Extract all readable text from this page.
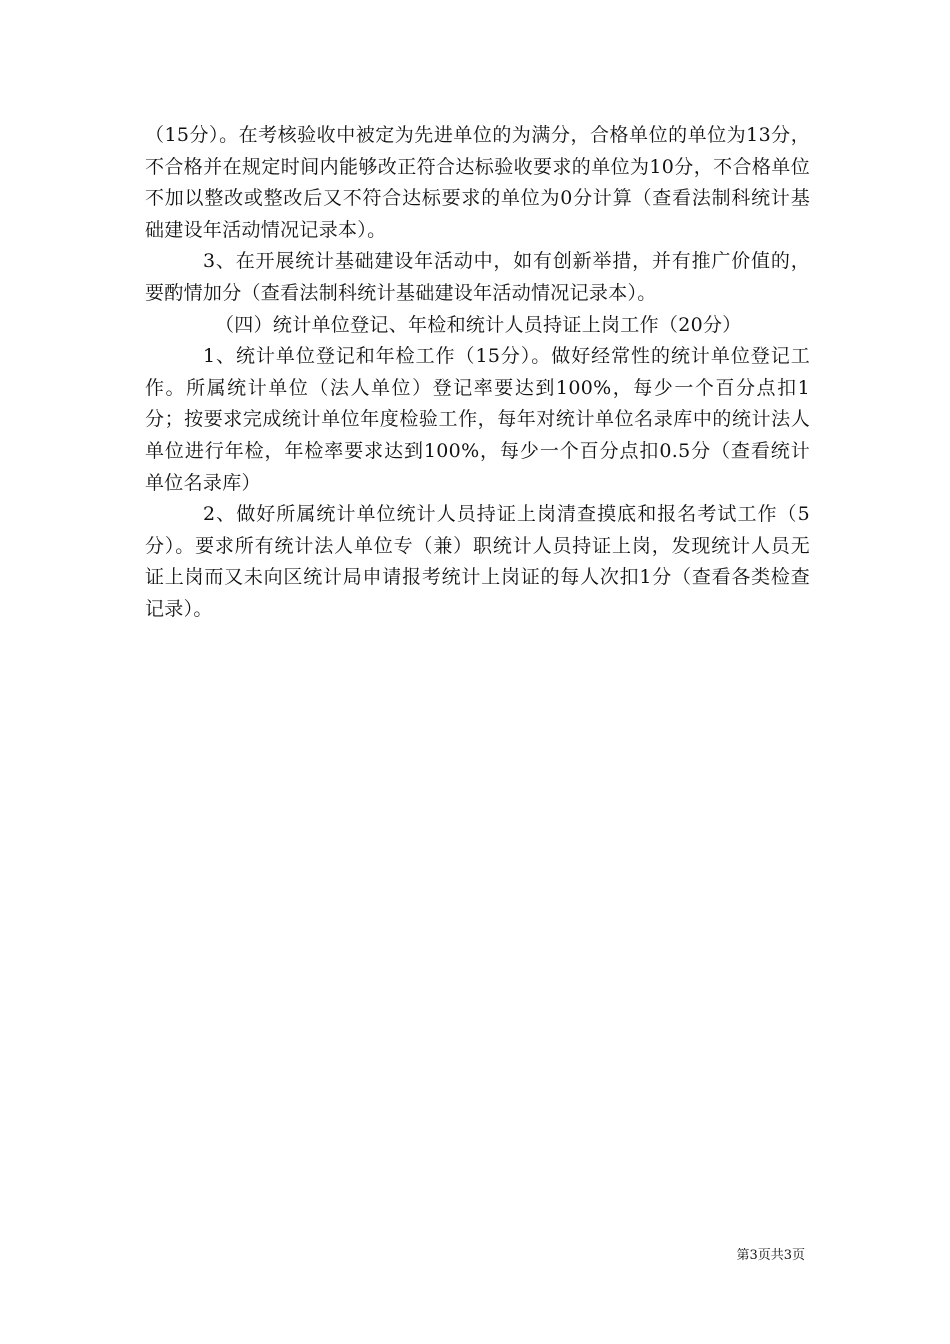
（15分）。在考核验收中被定为先进单位的为满分，合格单位的单位为13分，不合格并在规定时间内能够改正符合达标验收要求的单位为10分，不合格单位不加以整改或整改后又不符合达标要求的单位为0分计算（查看法制科统计基础建设年活动情况记录本）。

3、在开展统计基础建设年活动中，如有创新举措，并有推广价值的，要酌情加分（查看法制科统计基础建设年活动情况记录本）。

（四）统计单位登记、年检和统计人员持证上岗工作（20分）

1、统计单位登记和年检工作（15分）。做好经常性的统计单位登记工作。所属统计单位（法人单位）登记率要达到100%，每少一个百分点扣1分；按要求完成统计单位年度检验工作，每年对统计单位名录库中的统计法人单位进行年检，年检率要求达到100%，每少一个百分点扣0.5分（查看统计单位名录库）

2、做好所属统计单位统计人员持证上岗清查摸底和报名考试工作（5分）。要求所有统计法人单位专（兼）职统计人员持证上岗，发现统计人员无证上岗而又未向区统计局申请报考统计上岗证的每人次扣1分（查看各类检查记录）。

第3页共3页
